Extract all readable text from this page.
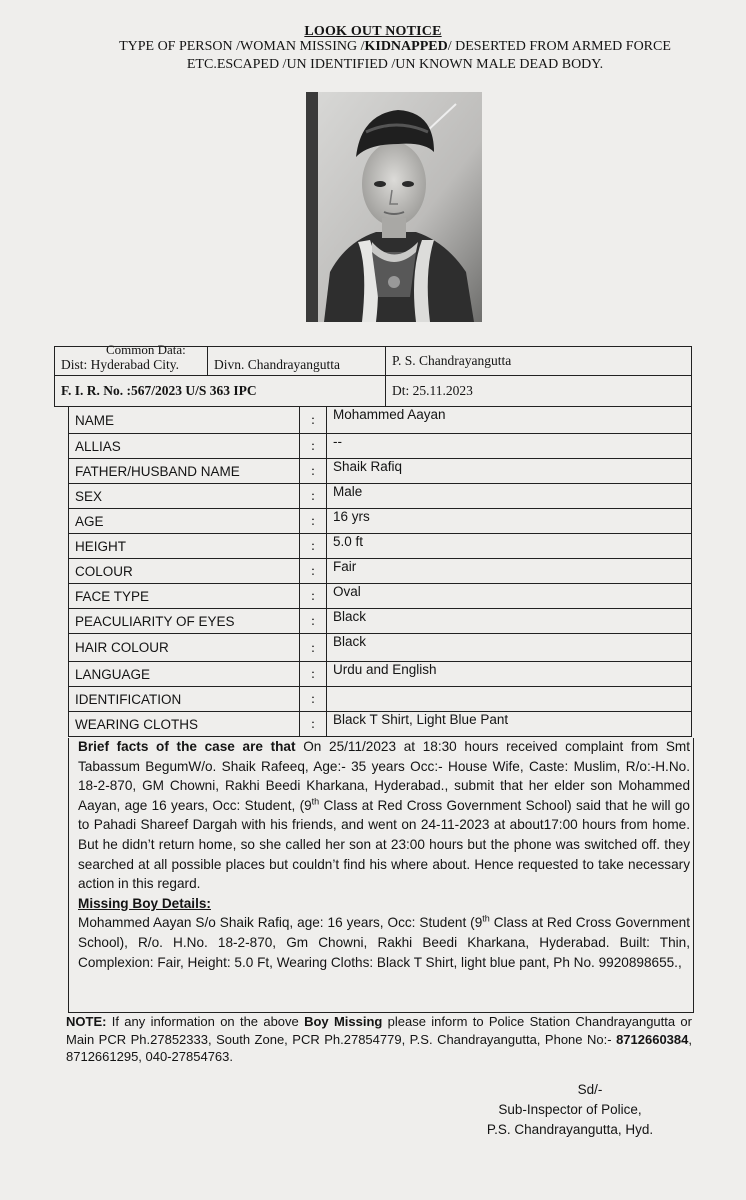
LOOK OUT NOTICE
TYPE OF PERSON /WOMAN MISSING /KIDNAPPED/ DESERTED FROM ARMED FORCE ETC.ESCAPED /UN IDENTIFIED /UN KNOWN MALE DEAD BODY.
Common Data:
Dist: Hyderabad City.	Divn. Chandrayangutta	P. S. Chandrayangutta
F. I. R. No. :567/2023 U/S 363 IPC		Dt: 25.11.2023
NAME	:	Mohammed Aayan
ALLIAS	:	--
FATHER/HUSBAND NAME	:	Shaik Rafiq
SEX	:	Male
AGE	:	16 yrs
HEIGHT	:	5.0 ft
COLOUR	:	Fair
FACE TYPE	:	Oval
PEACULIARITY OF EYES	:	Black
HAIR COLOUR	:	Black
LANGUAGE	:	Urdu and English
IDENTIFICATION	:	
WEARING CLOTHS	:	Black T Shirt, Light Blue Pant
Brief facts of the case are that On 25/11/2023 at 18:30 hours received complaint from Smt Tabassum BegumW/o. Shaik Rafeeq, Age:- 35 years Occ:- House Wife, Caste: Muslim, R/o:-H.No. 18-2-870, GM Chowni, Rakhi Beedi Kharkana, Hyderabad., submit that her elder son Mohammed Aayan, age 16 years, Occ: Student, (9th Class at Red Cross Government School) said that he will go to Pahadi Shareef Dargah with his friends, and went on 24-11-2023 at about17:00 hours from home. But he didn’t return home, so she called her son at 23:00 hours but the phone was switched off. they searched at all possible places but couldn’t find his where about. Hence requested to take necessary action in this regard.
Missing Boy Details:
Mohammed Aayan S/o Shaik Rafiq, age: 16 years, Occ: Student (9th Class at Red Cross Government School), R/o. H.No. 18-2-870, Gm Chowni, Rakhi Beedi Kharkana, Hyderabad. Built: Thin, Complexion: Fair, Height: 5.0 Ft, Wearing Cloths: Black T Shirt, light blue pant, Ph No. 9920898655.,
NOTE: If any information on the above Boy Missing please inform to Police Station Chandrayangutta or Main PCR Ph.27852333, South Zone, PCR Ph.27854779, P.S. Chandrayangutta, Phone No:- 8712660384, 8712661295, 040-27854763.
Sd/-
Sub-Inspector of Police,
P.S. Chandrayangutta, Hyd.
